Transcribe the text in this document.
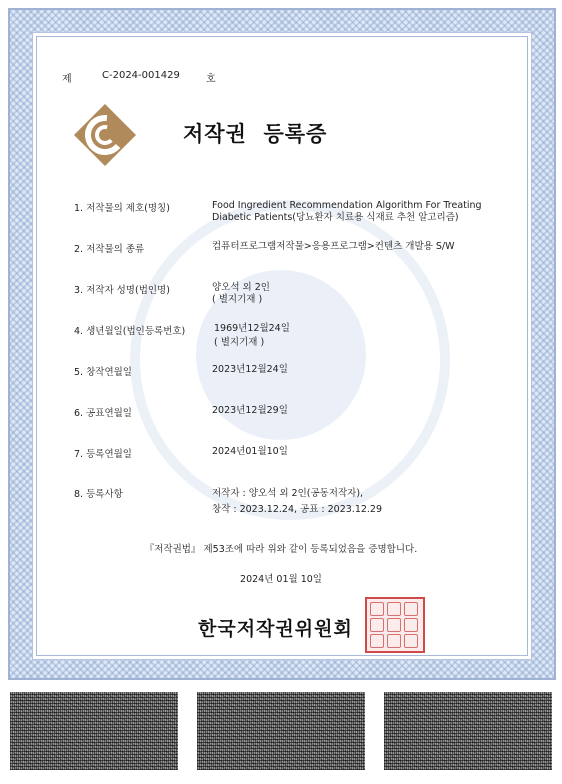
제	C-2024-001429	호
저작권  등록증
1. 저작물의 제호(명칭)	Food Ingredient Recommendation Algorithm For Treating
Diabetic Patients(당뇨환자 치료용 식재료 추천 알고리즘)
2. 저작물의 종류	컴퓨터프로그램저작물>응용프로그램>컨텐츠 개발용 S/W
3. 저작자 성명(법인명)	양오석 외 2인
( 별지기재 )
4. 생년월일(법인등록번호)	1969년12월24일
( 별지기재 )
5. 창작연월일	2023년12월24일
6. 공표연월일	2023년12월29일
7. 등록연월일	2024년01월10일
8. 등록사항	저작자 : 양오석 외 2인(공동저작자),
창작 : 2023.12.24, 공표 : 2023.12.29
『저작권법』 제53조에 따라 위와 같이 등록되었음을 증명합니다.
2024년 01월 10일
한국저작권위원회
